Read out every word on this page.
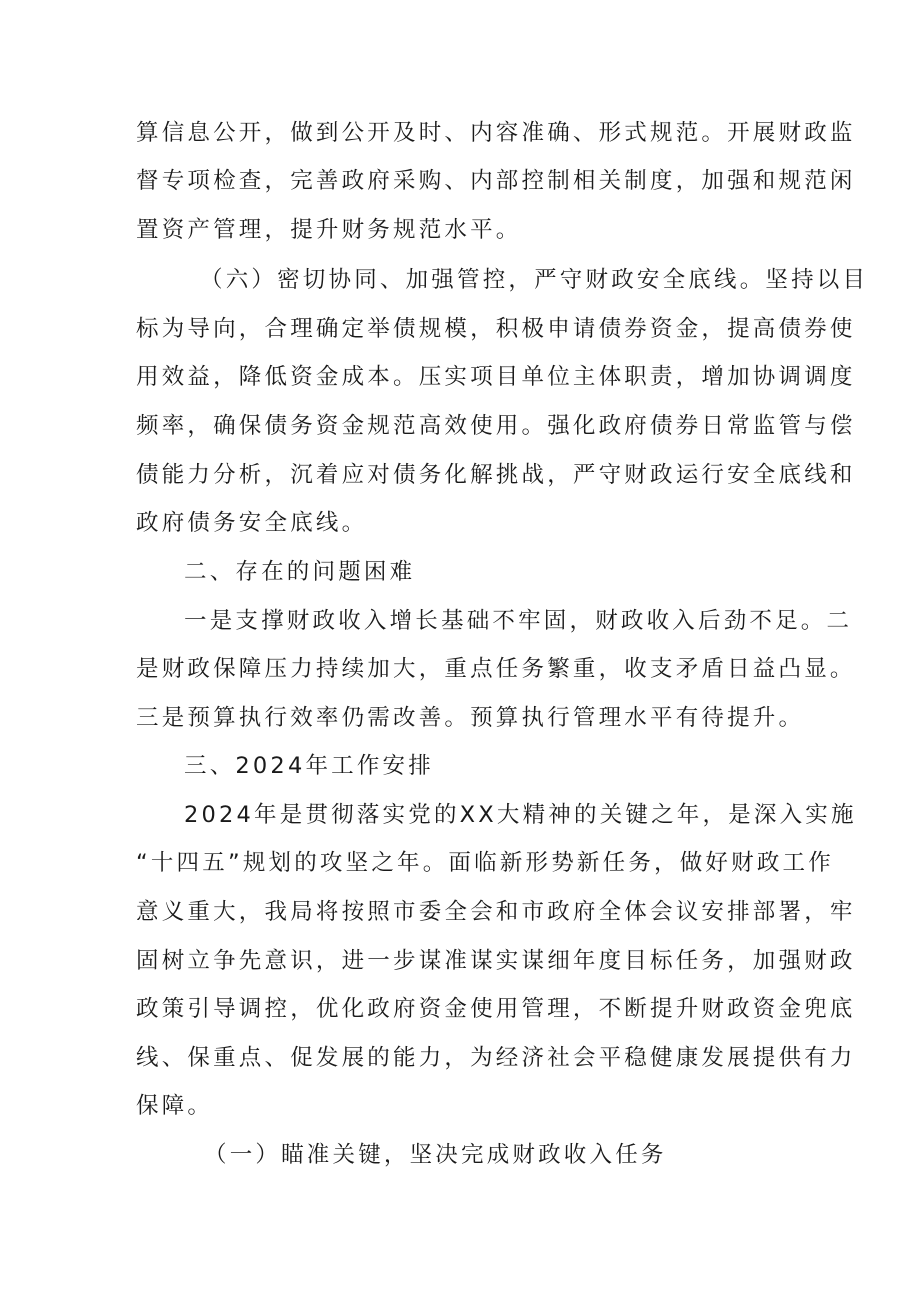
算信息公开，做到公开及时、内容准确、形式规范。开展财政监
督专项检查，完善政府采购、内部控制相关制度，加强和规范闲
置资产管理，提升财务规范水平。
（六）密切协同、加强管控，严守财政安全底线。坚持以目
标为导向，合理确定举债规模，积极申请债券资金，提高债券使
用效益，降低资金成本。压实项目单位主体职责，增加协调调度
频率，确保债务资金规范高效使用。强化政府债券日常监管与偿
债能力分析，沉着应对债务化解挑战，严守财政运行安全底线和
政府债务安全底线。
二、存在的问题困难
一是支撑财政收入增长基础不牢固，财政收入后劲不足。二
是财政保障压力持续加大，重点任务繁重，收支矛盾日益凸显。
三是预算执行效率仍需改善。预算执行管理水平有待提升。
三、2024年工作安排
2024年是贯彻落实党的XX大精神的关键之年，是深入实施
“十四五”规划的攻坚之年。面临新形势新任务，做好财政工作
意义重大，我局将按照市委全会和市政府全体会议安排部署，牢
固树立争先意识，进一步谋准谋实谋细年度目标任务，加强财政
政策引导调控，优化政府资金使用管理，不断提升财政资金兜底
线、保重点、促发展的能力，为经济社会平稳健康发展提供有力
保障。
（一）瞄准关键，坚决完成财政收入任务
